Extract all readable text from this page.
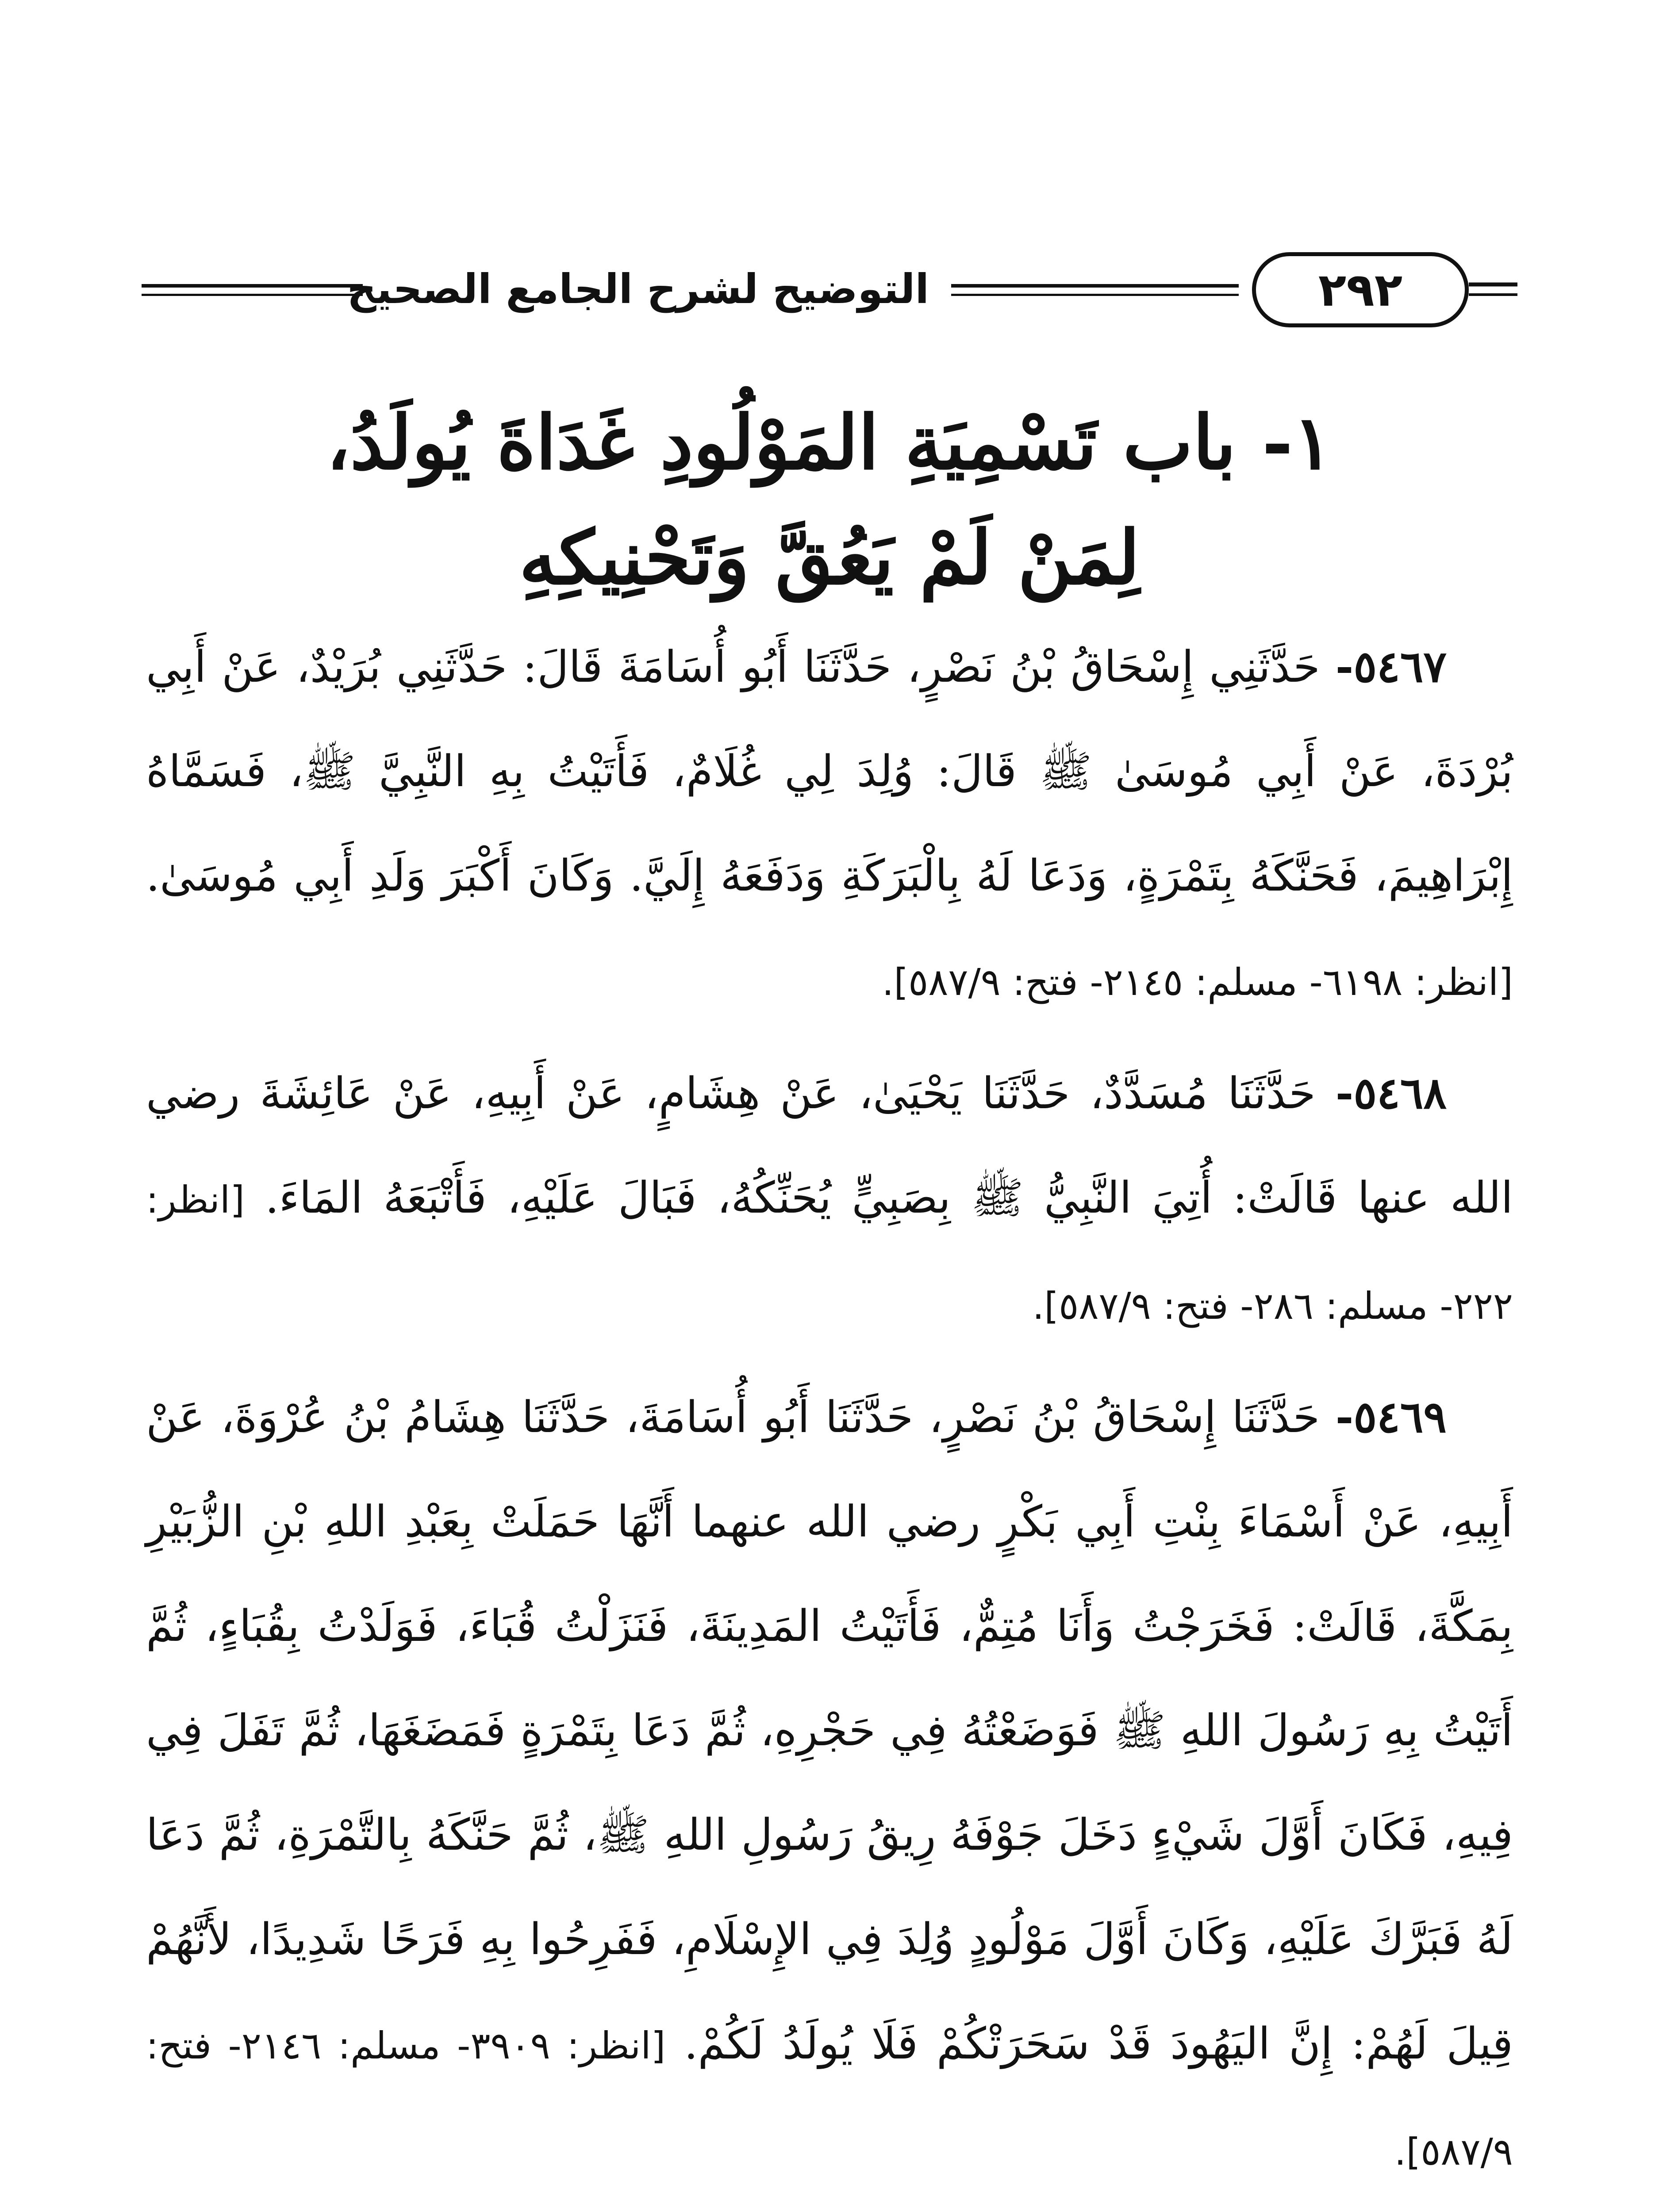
التوضيح لشرح الجامع الصحيح	٢٩٢
١- باب تَسْمِيَةِ المَوْلُودِ غَدَاةَ يُولَدُ،
لِمَنْ لَمْ يَعُقَّ وَتَحْنِيكِهِ

٥٤٦٧- حَدَّثَنِي إِسْحَاقُ بْنُ نَصْرٍ، حَدَّثَنَا أَبُو أُسَامَةَ قَالَ: حَدَّثَنِي بُرَيْدٌ، عَنْ أَبِي بُرْدَةَ، عَنْ أَبِي مُوسَىٰ ﷺ قَالَ: وُلِدَ لِي غُلَامٌ، فَأَتَيْتُ بِهِ النَّبِيَّ ﷺ، فَسَمَّاهُ إِبْرَاهِيمَ، فَحَنَّكَهُ بِتَمْرَةٍ، وَدَعَا لَهُ بِالْبَرَكَةِ وَدَفَعَهُ إِلَيَّ. وَكَانَ أَكْبَرَ وَلَدِ أَبِي مُوسَىٰ. [انظر: ٦١٩٨- مسلم: ٢١٤٥- فتح: ٥٨٧/٩].

٥٤٦٨- حَدَّثَنَا مُسَدَّدٌ، حَدَّثَنَا يَحْيَىٰ، عَنْ هِشَامٍ، عَنْ أَبِيهِ، عَنْ عَائِشَةَ رضي الله عنها قَالَتْ: أُتِيَ النَّبِيُّ ﷺ بِصَبِيٍّ يُحَنِّكُهُ، فَبَالَ عَلَيْهِ، فَأَتْبَعَهُ المَاءَ. [انظر: ٢٢٢- مسلم: ٢٨٦- فتح: ٥٨٧/٩].

٥٤٦٩- حَدَّثَنَا إِسْحَاقُ بْنُ نَصْرٍ، حَدَّثَنَا أَبُو أُسَامَةَ، حَدَّثَنَا هِشَامُ بْنُ عُرْوَةَ، عَنْ أَبِيهِ، عَنْ أَسْمَاءَ بِنْتِ أَبِي بَكْرٍ رضي الله عنهما أَنَّهَا حَمَلَتْ بِعَبْدِ اللهِ بْنِ الزُّبَيْرِ بِمَكَّةَ، قَالَتْ: فَخَرَجْتُ وَأَنَا مُتِمٌّ، فَأَتَيْتُ المَدِينَةَ، فَنَزَلْتُ قُبَاءَ، فَوَلَدْتُ بِقُبَاءٍ، ثُمَّ أَتَيْتُ بِهِ رَسُولَ اللهِ ﷺ فَوَضَعْتُهُ فِي حَجْرِهِ، ثُمَّ دَعَا بِتَمْرَةٍ فَمَضَغَهَا، ثُمَّ تَفَلَ فِي فِيهِ، فَكَانَ أَوَّلَ شَيْءٍ دَخَلَ جَوْفَهُ رِيقُ رَسُولِ اللهِ ﷺ، ثُمَّ حَنَّكَهُ بِالتَّمْرَةِ، ثُمَّ دَعَا لَهُ فَبَرَّكَ عَلَيْهِ، وَكَانَ أَوَّلَ مَوْلُودٍ وُلِدَ فِي الإِسْلَامِ، فَفَرِحُوا بِهِ فَرَحًا شَدِيدًا، لأَنَّهُمْ قِيلَ لَهُمْ: إِنَّ اليَهُودَ قَدْ سَحَرَتْكُمْ فَلَا يُولَدُ لَكُمْ. [انظر: ٣٩٠٩- مسلم: ٢١٤٦- فتح: ٥٨٧/٩].
